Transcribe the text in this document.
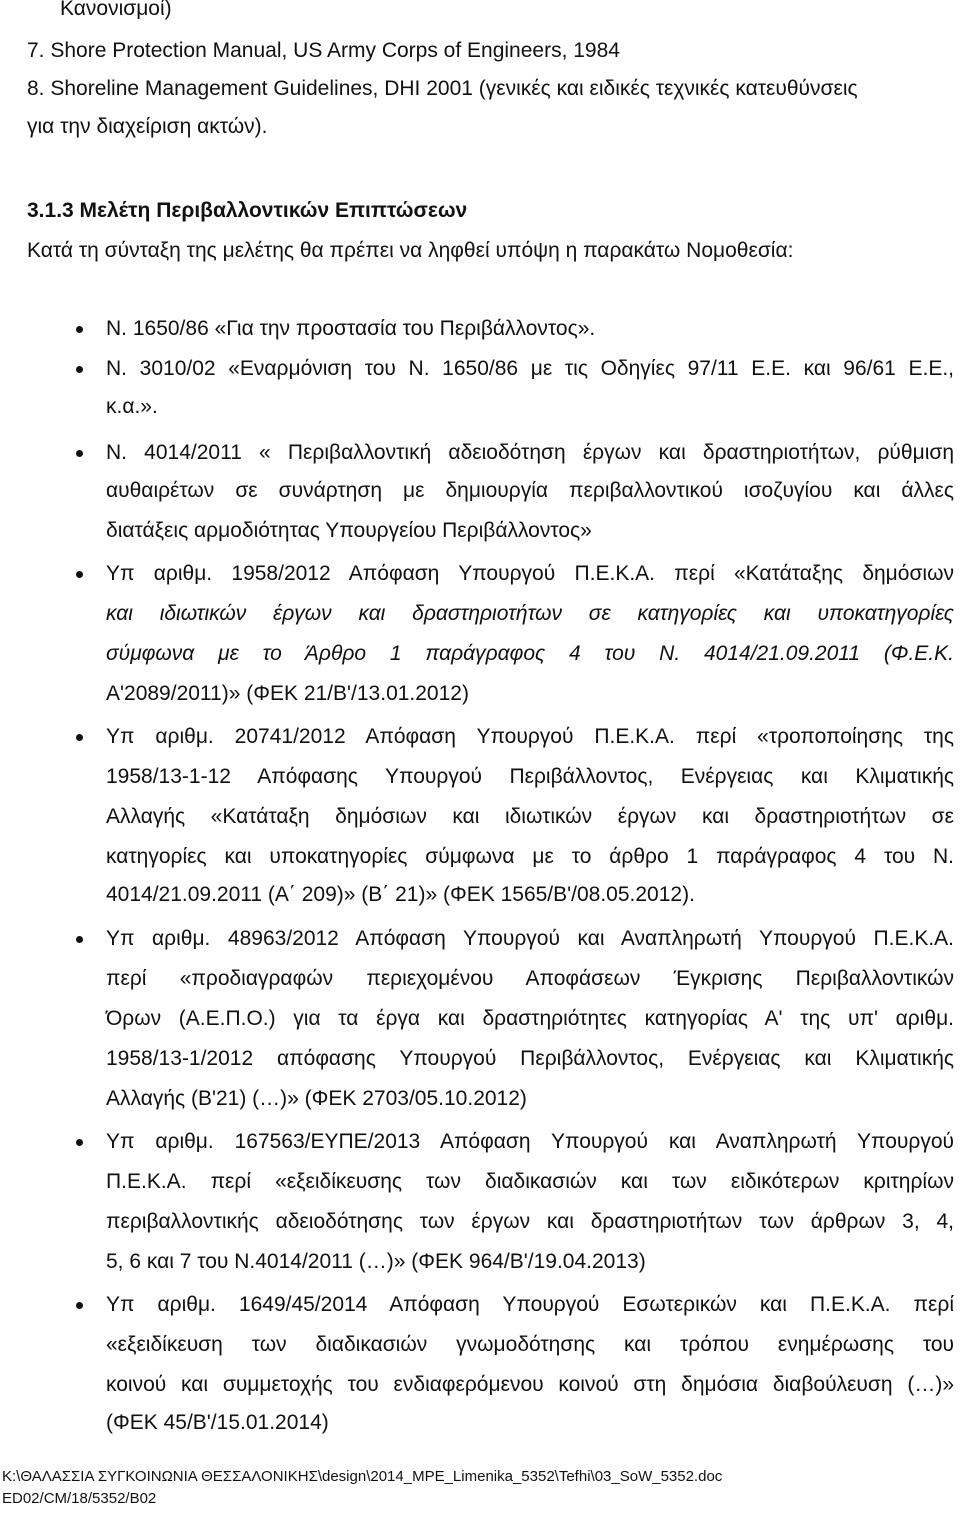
Κανονισμοί)
7. Shore Protection Manual, US Army Corps of Engineers, 1984
8. Shoreline Management Guidelines, DHI 2001 (γενικές και ειδικές τεχνικές κατευθύνσεις
για την διαχείριση ακτών).
3.1.3 Μελέτη Περιβαλλοντικών Επιπτώσεων
Κατά τη σύνταξη της μελέτης θα πρέπει να ληφθεί υπόψη η παρακάτω Νομοθεσία:
Ν. 1650/86 «Για την προστασία του Περιβάλλοντος».
Ν. 3010/02 «Εναρμόνιση του Ν. 1650/86 με τις Οδηγίες 97/11 Ε.Ε. και 96/61 Ε.Ε.,
κ.α.».
Ν. 4014/2011 « Περιβαλλοντική αδειοδότηση έργων και δραστηριοτήτων, ρύθμιση
αυθαιρέτων σε συνάρτηση με δημιουργία περιβαλλοντικού ισοζυγίου και άλλες
διατάξεις αρμοδιότητας Υπουργείου Περιβάλλοντος»
Υπ αριθμ. 1958/2012 Απόφαση Υπουργού Π.Ε.Κ.Α. περί «Κατάταξης δημόσιων
και ιδιωτικών έργων και δραστηριοτήτων σε κατηγορίες και υποκατηγορίες
σύμφωνα με το Άρθρο 1 παράγραφος 4 του Ν. 4014/21.09.2011 (Φ.Ε.Κ.
Α'2089/2011)» (ΦΕΚ 21/Β'/13.01.2012)
Υπ αριθμ. 20741/2012 Απόφαση Υπουργού Π.Ε.Κ.Α. περί «τροποποίησης της
1958/13-1-12 Απόφασης Υπουργού Περιβάλλοντος, Ενέργειας και Κλιματικής
Αλλαγής «Κατάταξη δημόσιων και ιδιωτικών έργων και δραστηριοτήτων σε
κατηγορίες και υποκατηγορίες σύμφωνα με το άρθρο 1 παράγραφος 4 του Ν.
4014/21.09.2011 (Α΄ 209)» (Β΄ 21)» (ΦΕΚ 1565/Β'/08.05.2012).
Υπ αριθμ. 48963/2012 Απόφαση Υπουργού και Αναπληρωτή Υπουργού Π.Ε.Κ.Α.
περί «προδιαγραφών περιεχομένου Αποφάσεων Έγκρισης Περιβαλλοντικών
Όρων (Α.Ε.Π.Ο.) για τα έργα και δραστηριότητες κατηγορίας Α' της υπ' αριθμ.
1958/13-1/2012 απόφασης Υπουργού Περιβάλλοντος, Ενέργειας και Κλιματικής
Αλλαγής (Β'21) (…)» (ΦΕΚ 2703/05.10.2012)
Υπ αριθμ. 167563/ΕΥΠΕ/2013 Απόφαση Υπουργού και Αναπληρωτή Υπουργού
Π.Ε.Κ.Α. περί «εξειδίκευσης των διαδικασιών και των ειδικότερων κριτηρίων
περιβαλλοντικής αδειοδότησης των έργων και δραστηριοτήτων των άρθρων 3, 4,
5, 6 και 7 του Ν.4014/2011 (…)» (ΦΕΚ 964/Β'/19.04.2013)
Υπ αριθμ. 1649/45/2014 Απόφαση Υπουργού Εσωτερικών και Π.Ε.Κ.Α. περί
«εξειδίκευση των διαδικασιών γνωμοδότησης και τρόπου ενημέρωσης του
κοινού και συμμετοχής του ενδιαφερόμενου κοινού στη δημόσια διαβούλευση (…)»
(ΦΕΚ 45/Β'/15.01.2014)
K:\ΘΑΛΑΣΣΙΑ ΣΥΓΚΟΙΝΩΝΙΑ ΘΕΣΣΑΛΟΝΙΚΗΣ\design\2014_MPE_Limenika_5352\Tefhi\03_SoW_5352.doc
ED02/CM/18/5352/B02
